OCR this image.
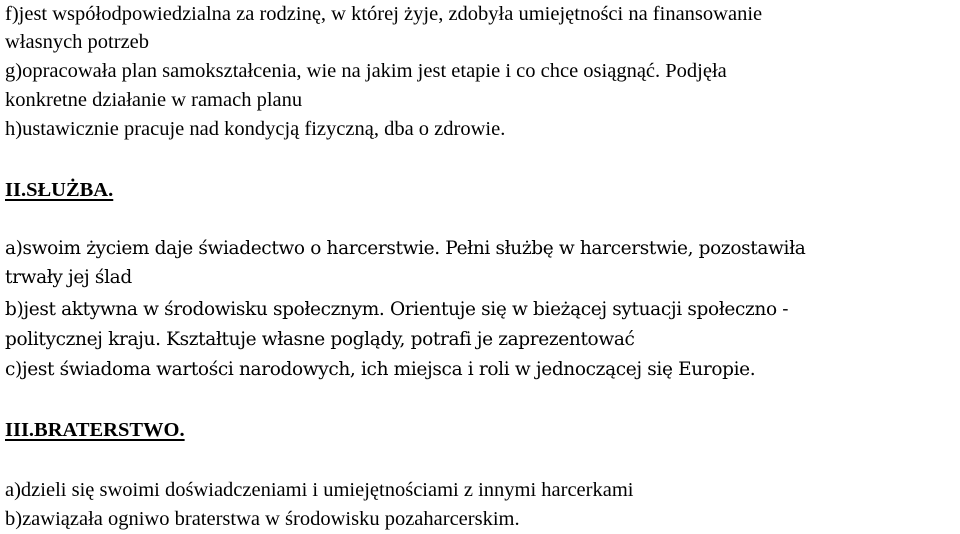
f)jest współodpowiedzialna za rodzinę, w której żyje, zdobyła umiejętności na finansowanie
własnych potrzeb
g)opracowała plan samokształcenia, wie na jakim jest etapie i co chce osiągnąć. Podjęła
konkretne działanie w ramach planu
h)ustawicznie pracuje nad kondycją fizyczną, dba o zdrowie.
II.SŁUŻBA.
a)swoim życiem daje świadectwo o harcerstwie. Pełni służbę w harcerstwie, pozostawiła
trwały jej ślad
b)jest aktywna w środowisku społecznym. Orientuje się w bieżącej sytuacji społeczno -
politycznej kraju. Kształtuje własne poglądy, potrafi je zaprezentować
c)jest świadoma wartości narodowych, ich miejsca i roli w jednoczącej się Europie.
III.BRATERSTWO.
a)dzieli się swoimi doświadczeniami i umiejętnościami z innymi harcerkami
b)zawiązała ogniwo braterstwa w środowisku pozaharcerskim.
